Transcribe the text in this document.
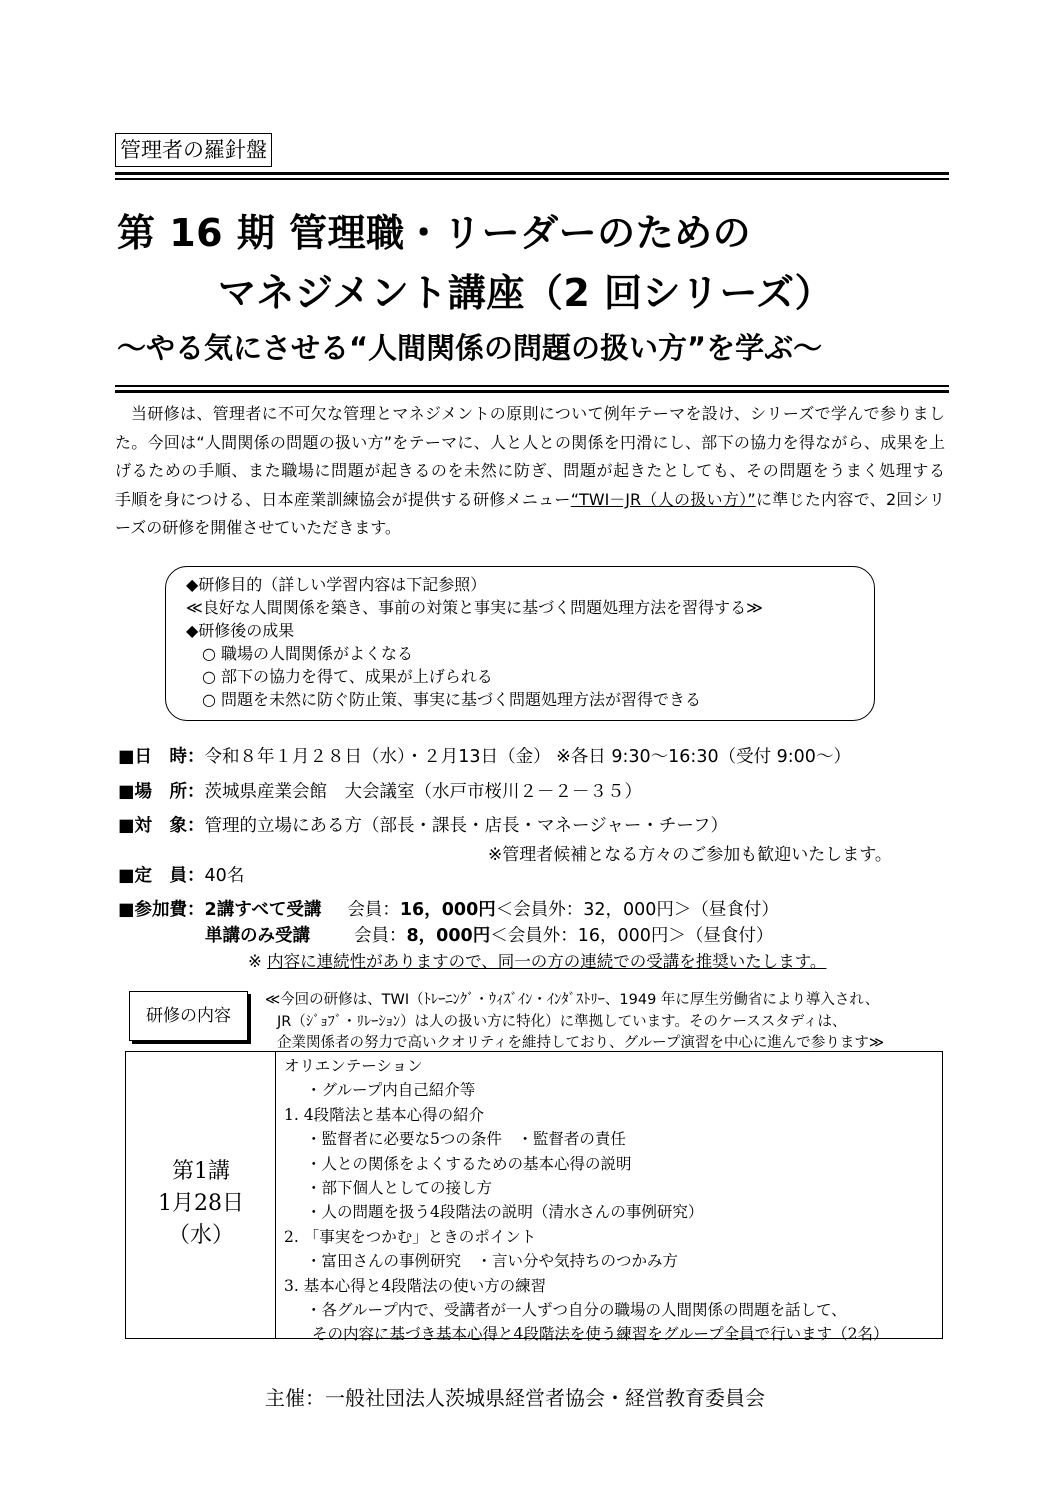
管理者の羅針盤
第 16 期 管理職・リーダーのための
マネジメント講座（2 回シリーズ）
～やる気にさせる“人間関係の問題の扱い方”を学ぶ～
当研修は、管理者に不可欠な管理とマネジメントの原則について例年テーマを設け、シリーズで学んで参りました。今回は“人間関係の問題の扱い方”をテーマに、人と人との関係を円滑にし、部下の協力を得ながら、成果を上げるための手順、また職場に問題が起きるのを未然に防ぎ、問題が起きたとしても、その問題をうまく処理する　　手順を身につける、日本産業訓練協会が提供する研修メニュー“TWI－JR（人の扱い方）”に準じた内容で、2回シリーズの研修を開催させていただきます。
◆研修目的（詳しい学習内容は下記参照）
≪良好な人間関係を築き、事前の対策と事実に基づく問題処理方法を習得する≫
◆研修後の成果
○ 職場の人間関係がよくなる
○ 部下の協力を得て、成果が上げられる
○ 問題を未然に防ぐ防止策、事実に基づく問題処理方法が習得できる
■日　時：令和８年１月２８日（水）・２月13日（金） ※各日 9:30～16:30（受付 9:00～）
■場　所：茨城県産業会館　大会議室（水戸市桜川２－２－３５）
■対　象：管理的立場にある方（部長・課長・店長・マネージャー・チーフ）
※管理者候補となる方々のご参加も歓迎いたします。
■定　員：40名
■参加費：2講すべて受講 会員：16，000円＜会員外：32，000円＞（昼食付）
単講のみ受講	会員：8，000円＜会員外：16，000円＞（昼食付）
※ 内容に連続性がありますので、同一の方の連続での受講を推奨いたします。
研修の内容
≪今回の研修は、TWI（ﾄﾚｰﾆﾝｸﾞ・ｳｨｽﾞｲﾝ・ｲﾝﾀﾞｽﾄﾘｰ、1949 年に厚生労働省により導入され、
JR（ｼﾞｮﾌﾞ・ﾘﾚｰｼｮﾝ）は人の扱い方に特化）に準拠しています。そのケーススタディは、
企業関係者の努力で高いクオリティを維持しており、グループ演習を中心に進んで参ります≫
第1講
1月28日
（水）
オリエンテーション
・グループ内自己紹介等
1. 4段階法と基本心得の紹介
・監督者に必要な5つの条件　・監督者の責任
・人との関係をよくするための基本心得の説明
・部下個人としての接し方
・人の問題を扱う4段階法の説明（清水さんの事例研究）
2. 「事実をつかむ」ときのポイント
・富田さんの事例研究　・言い分や気持ちのつかみ方
3. 基本心得と4段階法の使い方の練習
・各グループ内で、受講者が一人ずつ自分の職場の人間関係の問題を話して、
その内容に基づき基本心得と4段階法を使う練習をグループ全員で行います（2名）
主催：一般社団法人茨城県経営者協会・経営教育委員会
